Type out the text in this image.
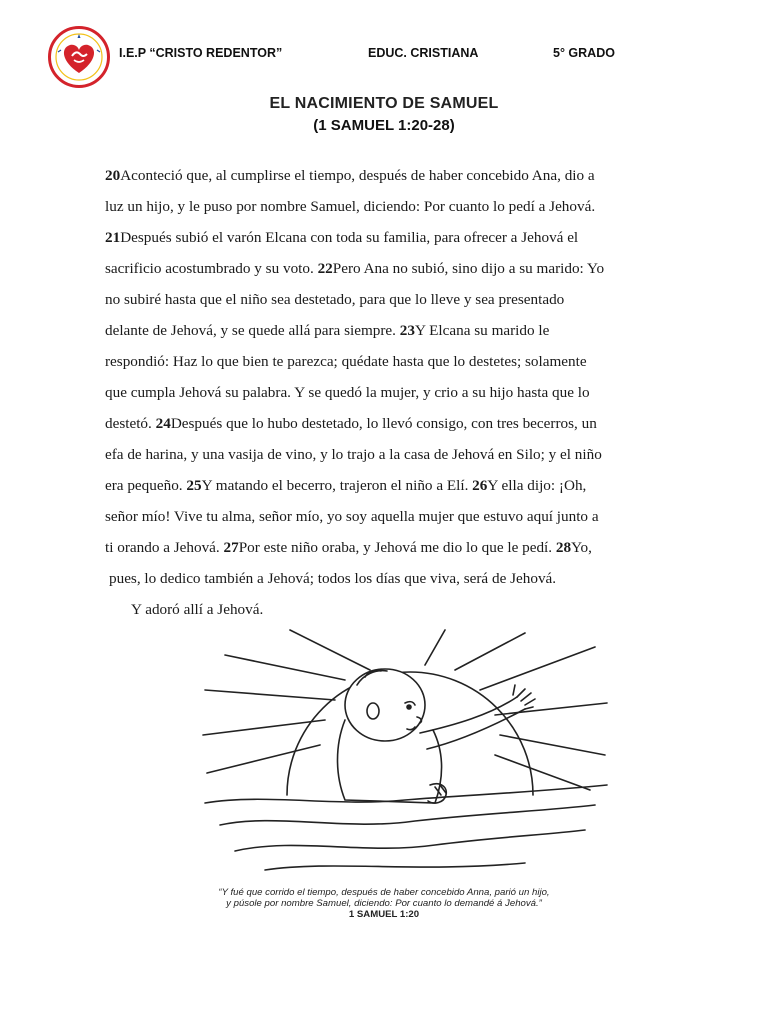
I.E.P “CRISTO REDENTOR”	EDUC. CRISTIANA	5° GRADO
EL NACIMIENTO DE SAMUEL
(1 SAMUEL 1:20-28)
20Aconteció que, al cumplirse el tiempo, después de haber concebido Ana, dio a
luz un hijo, y le puso por nombre Samuel, diciendo: Por cuanto lo pedí a Jehová.
21Después subió el varón Elcana con toda su familia, para ofrecer a Jehová el
sacrificio acostumbrado y su voto. 22Pero Ana no subió, sino dijo a su marido: Yo
no subiré hasta que el niño sea destetado, para que lo lleve y sea presentado
delante de Jehová, y se quede allá para siempre. 23Y Elcana su marido le
respondió: Haz lo que bien te parezca; quédate hasta que lo destetes; solamente
que cumpla Jehová su palabra. Y se quedó la mujer, y crio a su hijo hasta que lo
destetó. 24Después que lo hubo destetado, lo llevó consigo, con tres becerros, un
efa de harina, y una vasija de vino, y lo trajo a la casa de Jehová en Silo; y el niño
era pequeño. 25Y matando el becerro, trajeron el niño a Elí. 26Y ella dijo: ¡Oh,
señor mío! Vive tu alma, señor mío, yo soy aquella mujer que estuvo aquí junto a
ti orando a Jehová. 27Por este niño oraba, y Jehová me dio lo que le pedí. 28Yo,
pues, lo dedico también a Jehová; todos los días que viva, será de Jehová.
Y adoró allí a Jehová.
“Y fué que corrido el tiempo, después de haber concebido Anna, parió un hijo,
y púsole por nombre Samuel, diciendo: Por cuanto lo demandé á Jehová.”
1 SAMUEL 1:20
